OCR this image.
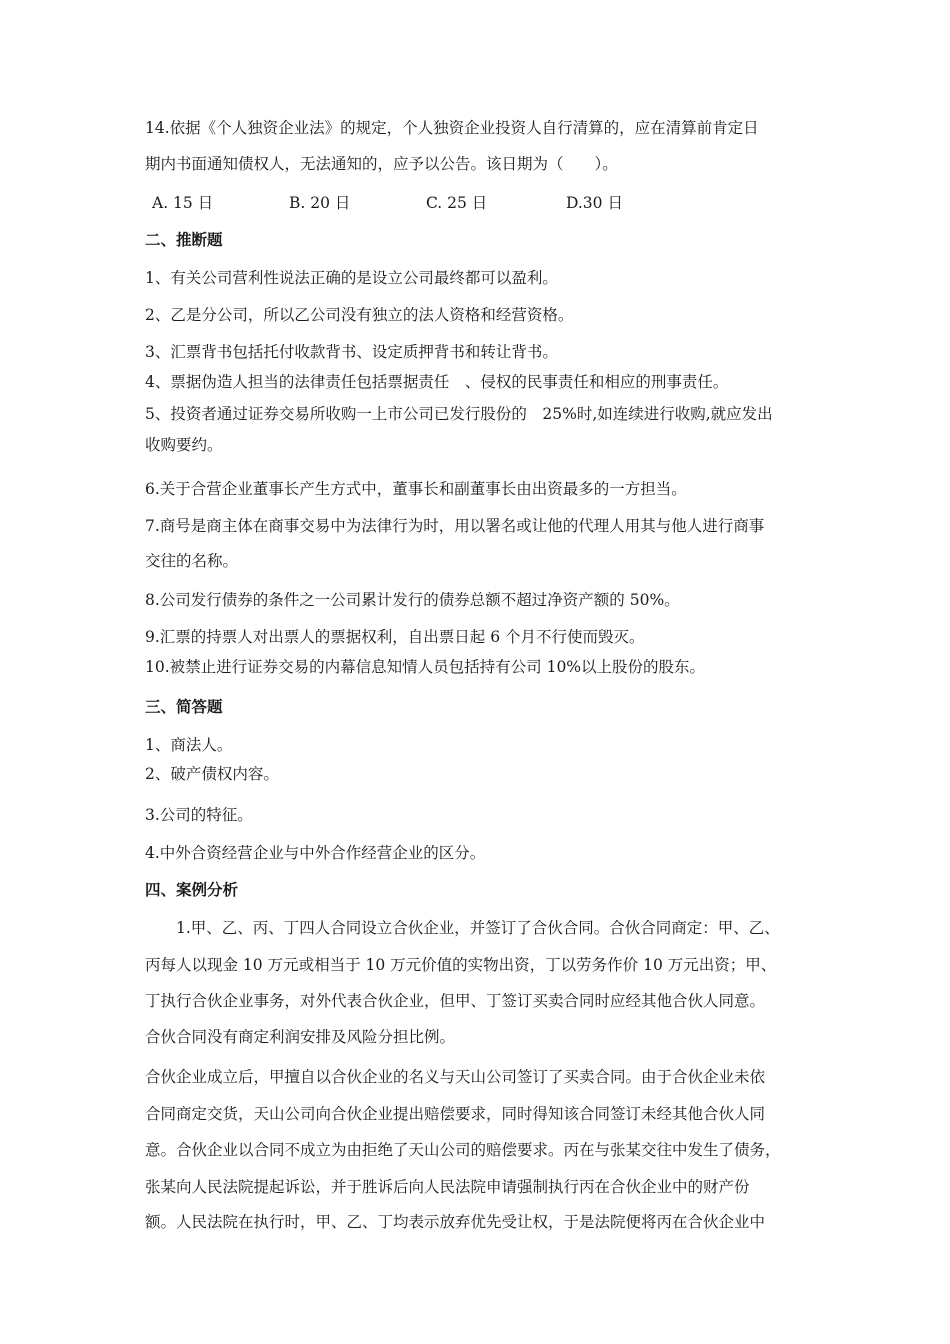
14.依据《个人独资企业法》的规定，个人独资企业投资人自行清算的，应在清算前肯定日
期内书面通知债权人，无法通知的，应予以公告。该日期为（　　）。
A. 15 日	B. 20 日	C. 25 日	D.30 日
二、推断题
1、有关公司营利性说法正确的是设立公司最终都可以盈利。
2、乙是分公司，所以乙公司没有独立的法人资格和经营资格。
3、汇票背书包括托付收款背书、设定质押背书和转让背书。
4、票据伪造人担当的法律责任包括票据责任　、侵权的民事责任和相应的刑事责任。
5、投资者通过证券交易所收购一上市公司已发行股份的　25%时,如连续进行收购,就应发出
收购要约。
6.关于合营企业董事长产生方式中，董事长和副董事长由出资最多的一方担当。
7.商号是商主体在商事交易中为法律行为时，用以署名或让他的代理人用其与他人进行商事
交往的名称。
8.公司发行债券的条件之一公司累计发行的债券总额不超过净资产额的 50%。
9.汇票的持票人对出票人的票据权利，自出票日起 6 个月不行使而毁灭。
10.被禁止进行证券交易的内幕信息知情人员包括持有公司 10%以上股份的股东。
三、简答题
1、商法人。
2、破产债权内容。
3.公司的特征。
4.中外合资经营企业与中外合作经营企业的区分。
四、案例分析
1.甲、乙、丙、丁四人合同设立合伙企业，并签订了合伙合同。合伙合同商定：甲、乙、
丙每人以现金 10 万元或相当于 10 万元价值的实物出资，丁以劳务作价 10 万元出资；甲、
丁执行合伙企业事务，对外代表合伙企业，但甲、丁签订买卖合同时应经其他合伙人同意。
合伙合同没有商定利润安排及风险分担比例。
合伙企业成立后，甲擅自以合伙企业的名义与天山公司签订了买卖合同。由于合伙企业未依
合同商定交货，天山公司向合伙企业提出赔偿要求，同时得知该合同签订未经其他合伙人同
意。合伙企业以合同不成立为由拒绝了天山公司的赔偿要求。丙在与张某交往中发生了债务，
张某向人民法院提起诉讼，并于胜诉后向人民法院申请强制执行丙在合伙企业中的财产份
额。人民法院在执行时，甲、乙、丁均表示放弃优先受让权，于是法院便将丙在合伙企业中
